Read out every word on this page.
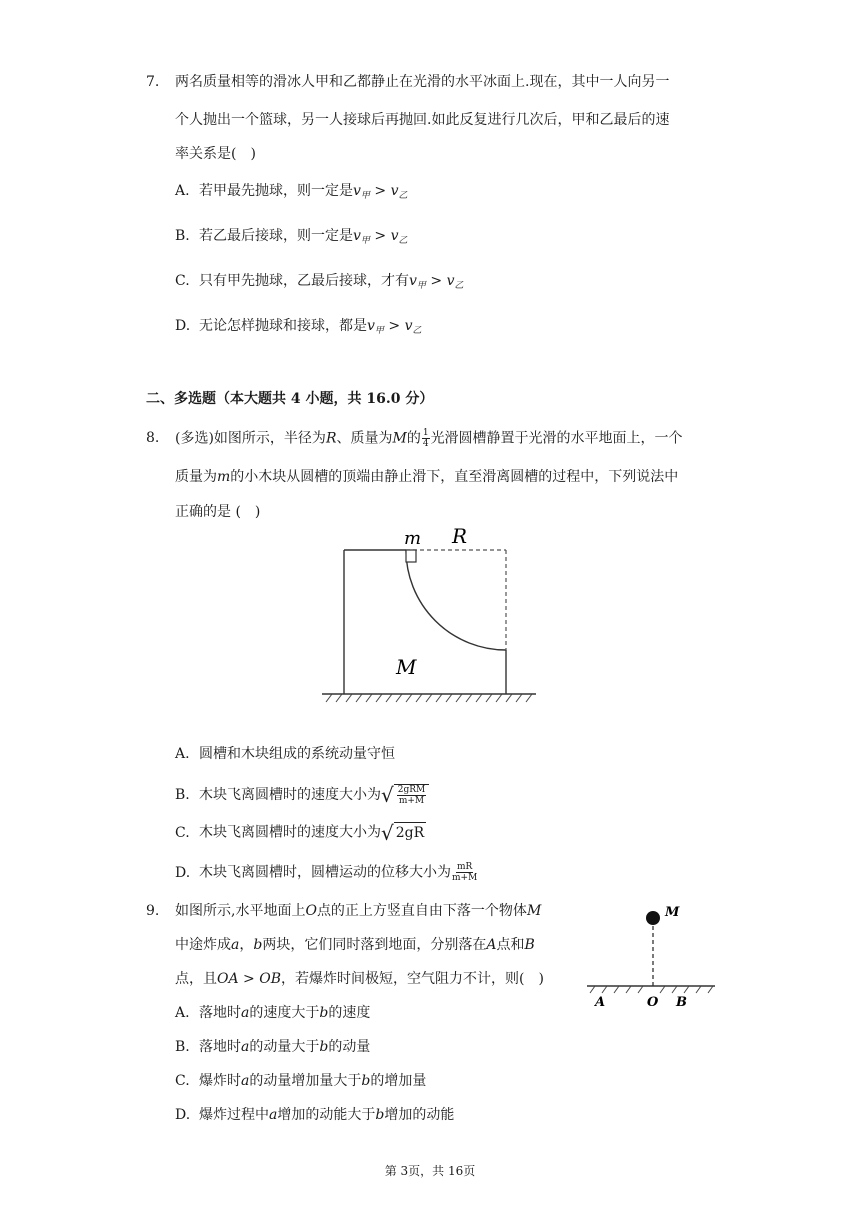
7. 两名质量相等的滑冰人甲和乙都静止在光滑的水平冰面上.现在，其中一人向另一
个人抛出一个篮球，另一人接球后再抛回.如此反复进行几次后，甲和乙最后的速
率关系是(　)
A. 若甲最先抛球，则一定是$v_甲 > v_乙$
B. 若乙最后接球，则一定是$v_甲 > v_乙$
C. 只有甲先抛球，乙最后接球，才有$v_甲 > v_乙$
D. 无论怎样抛球和接球，都是$v_甲 > v_乙$
二、多选题（本大题共 4 小题，共 16.0 分）
8. (多选)如图所示，半径为R、质量为M的 $\frac{1}{4}$ 光滑圆槽静置于光滑的水平地面上，一个
质量为m的小木块从圆槽的顶端由静止滑下，直至滑离圆槽的过程中，下列说法中
正确的是 (　)
m R
M
A. 圆槽和木块组成的系统动量守恒
B. 木块飞离圆槽时的速度大小为 √ $\frac{\text{2gRM}}{m+M}$
C. 木块飞离圆槽时的速度大小为 √ 2gR
D. 木块飞离圆槽时，圆槽运动的位移大小为 $\frac{mR}{m+M}$
9. 如图所示,水平地面上O点的正上方竖直自由下落一个物体M
中途炸成a，b两块，它们同时落到地面，分别落在A点和B
点，且OA > OB，若爆炸时间极短，空气阻力不计，则(　)
M
A	O B
A. 落地时a的速度大于b的速度
B. 落地时a的动量大于b的动量
C. 爆炸时a的动量增加量大于b的增加量
D. 爆炸过程中a增加的动能大于b增加的动能
第 3页，共 16页
